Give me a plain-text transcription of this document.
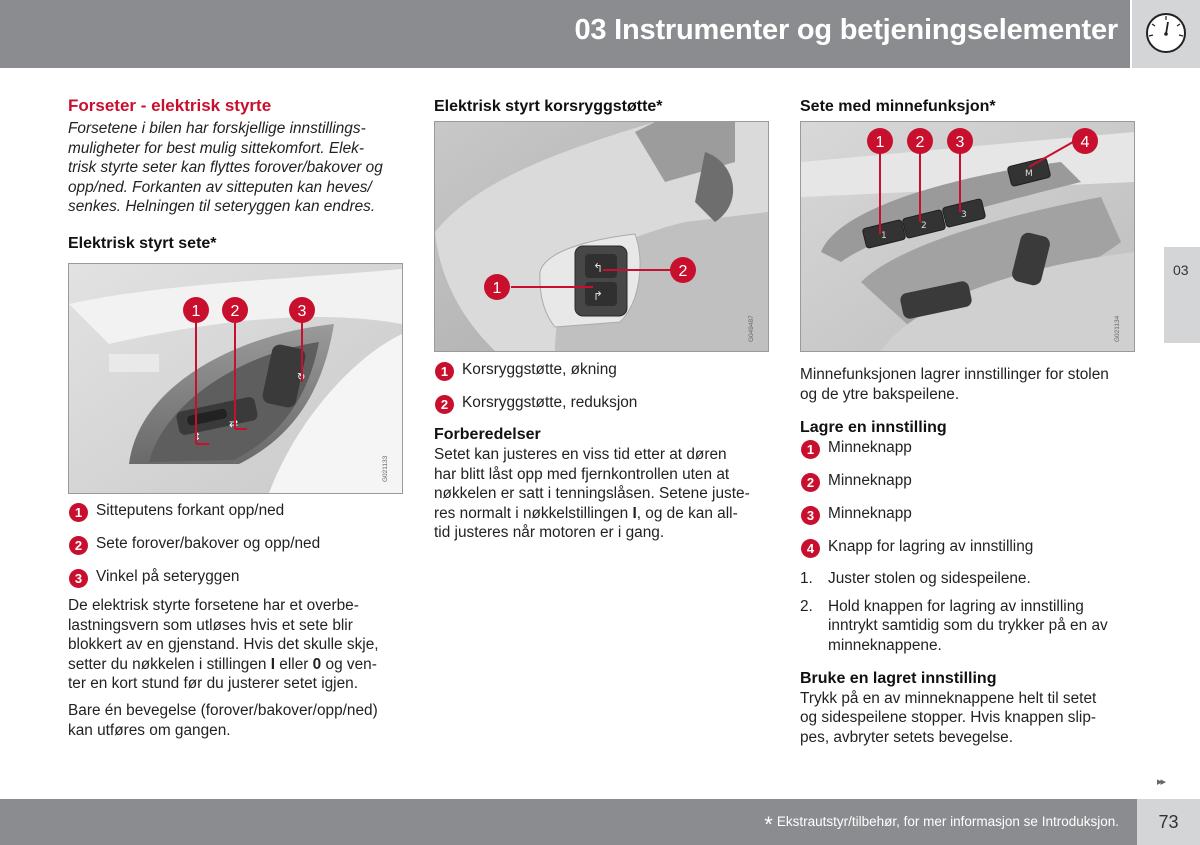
03 Instrumenter og betjeningselementer
03
Forseter - elektrisk styrte

Forsetene i bilen har forskjellige innstillings-

muligheter for best mulig sittekomfort. Elek-

trisk styrte seter kan flyttes forover/bakover og

opp/ned. Forkanten av sitteputen kan heves/

senkes. Helningen til seteryggen kan endres.

Elektrisk styrt sete*
⇄
↻
↕
1 2	3
G021133
1 Sitteputens forkant opp/ned
2 Sete forover/bakover og opp/ned
3 Vinkel på seteryggen

De elektrisk styrte forsetene har et overbe-

lastningsvern som utløses hvis et sete blir

blokkert av en gjenstand. Hvis det skulle skje,

setter du nøkkelen i stillingen I eller 0 og ven-

ter en kort stund før du justerer setet igjen.

Bare én bevegelse (forover/bakover/opp/ned)

kan utføres om gangen.

Elektrisk styrt korsryggstøtte*
↰
↱
1
2
G049487
1 Korsryggstøtte, økning
2 Korsryggstøtte, reduksjon
Forberedelser

Setet kan justeres en viss tid etter at døren

har blitt låst opp med fjernkontrollen uten at

nøkkelen er satt i tenningslåsen. Setene juste-

res normalt i nøkkelstillingen I, og de kan all-

tid justeres når motoren er i gang.

Sete med minnefunksjon*
1
2
3
M
1 2 3	4
G021134

Minnefunksjonen lagrer innstillinger for stolen

og de ytre bakspeilene.

Lagre en innstilling
1 Minneknapp
2 Minneknapp
3 Minneknapp
4 Knapp for lagring av innstilling
1. Juster stolen og sidespeilene.
2. Hold knappen for lagring av innstilling
inntrykt samtidig som du trykker på en av
minneknappene.
Bruke en lagret innstilling

Trykk på en av minneknappene helt til setet

og sidespeilene stopper. Hvis knappen slip-

pes, avbryter setets bevegelse.

▸▸
* Ekstrautstyr/tilbehør, for mer informasjon se Introduksjon.	73
